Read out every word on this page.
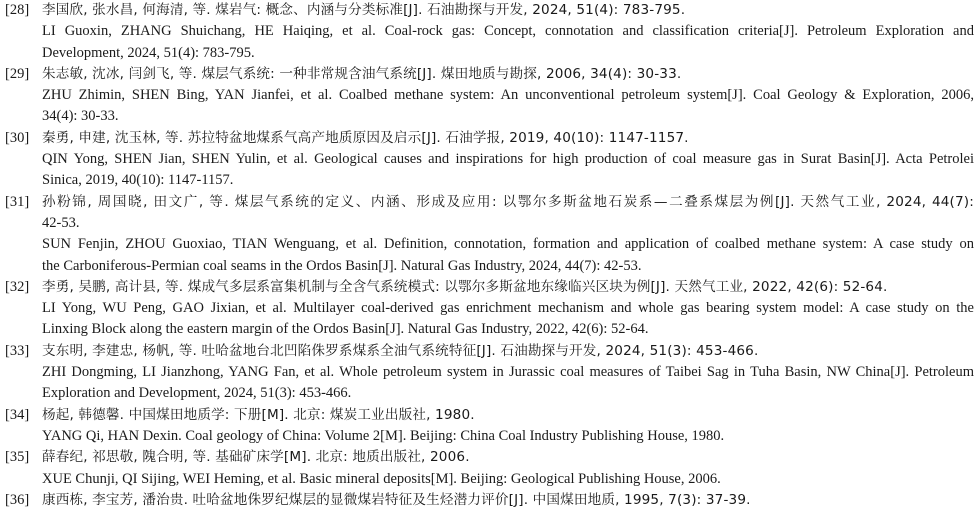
[28] 李国欣, 张水昌, 何海清, 等. 煤岩气: 概念、内涵与分类标准[J]. 石油勘探与开发, 2024, 51(4): 783-795.
LI Guoxin, ZHANG Shuichang, HE Haiqing, et al. Coal-rock gas: Concept, connotation and classification criteria[J]. Petroleum Exploration and
Development, 2024, 51(4): 783-795.
[29] 朱志敏, 沈冰, 闫剑飞, 等. 煤层气系统: 一种非常规含油气系统[J]. 煤田地质与勘探, 2006, 34(4): 30-33.
ZHU Zhimin, SHEN Bing, YAN Jianfei, et al. Coalbed methane system: An unconventional petroleum system[J]. Coal Geology & Exploration, 2006,
34(4): 30-33.
[30] 秦勇, 申建, 沈玉林, 等. 苏拉特盆地煤系气高产地质原因及启示[J]. 石油学报, 2019, 40(10): 1147-1157.
QIN Yong, SHEN Jian, SHEN Yulin, et al. Geological causes and inspirations for high production of coal measure gas in Surat Basin[J]. Acta Petrolei
Sinica, 2019, 40(10): 1147-1157.
[31] 孙粉锦, 周国晓, 田文广, 等. 煤层气系统的定义、内涵、形成及应用: 以鄂尔多斯盆地石炭系—二叠系煤层为例[J]. 天然气工业, 2024, 44(7):
42-53.
SUN Fenjin, ZHOU Guoxiao, TIAN Wenguang, et al. Definition, connotation, formation and application of coalbed methane system: A case study on
the Carboniferous-Permian coal seams in the Ordos Basin[J]. Natural Gas Industry, 2024, 44(7): 42-53.
[32] 李勇, 吴鹏, 高计县, 等. 煤成气多层系富集机制与全含气系统模式: 以鄂尔多斯盆地东缘临兴区块为例[J]. 天然气工业, 2022, 42(6): 52-64.
LI Yong, WU Peng, GAO Jixian, et al. Multilayer coal-derived gas enrichment mechanism and whole gas bearing system model: A case study on the
Linxing Block along the eastern margin of the Ordos Basin[J]. Natural Gas Industry, 2022, 42(6): 52-64.
[33] 支东明, 李建忠, 杨帆, 等. 吐哈盆地台北凹陷侏罗系煤系全油气系统特征[J]. 石油勘探与开发, 2024, 51(3): 453-466.
ZHI Dongming, LI Jianzhong, YANG Fan, et al. Whole petroleum system in Jurassic coal measures of Taibei Sag in Tuha Basin, NW China[J]. Petroleum
Exploration and Development, 2024, 51(3): 453-466.
[34] 杨起, 韩德馨. 中国煤田地质学: 下册[M]. 北京: 煤炭工业出版社, 1980.
YANG Qi, HAN Dexin. Coal geology of China: Volume 2[M]. Beijing: China Coal Industry Publishing House, 1980.
[35] 薛春纪, 祁思敬, 隗合明, 等. 基础矿床学[M]. 北京: 地质出版社, 2006.
XUE Chunji, QI Sijing, WEI Heming, et al. Basic mineral deposits[M]. Beijing: Geological Publishing House, 2006.
[36] 康西栋, 李宝芳, 潘治贵. 吐哈盆地侏罗纪煤层的显微煤岩特征及生烃潜力评价[J]. 中国煤田地质, 1995, 7(3): 37-39.
